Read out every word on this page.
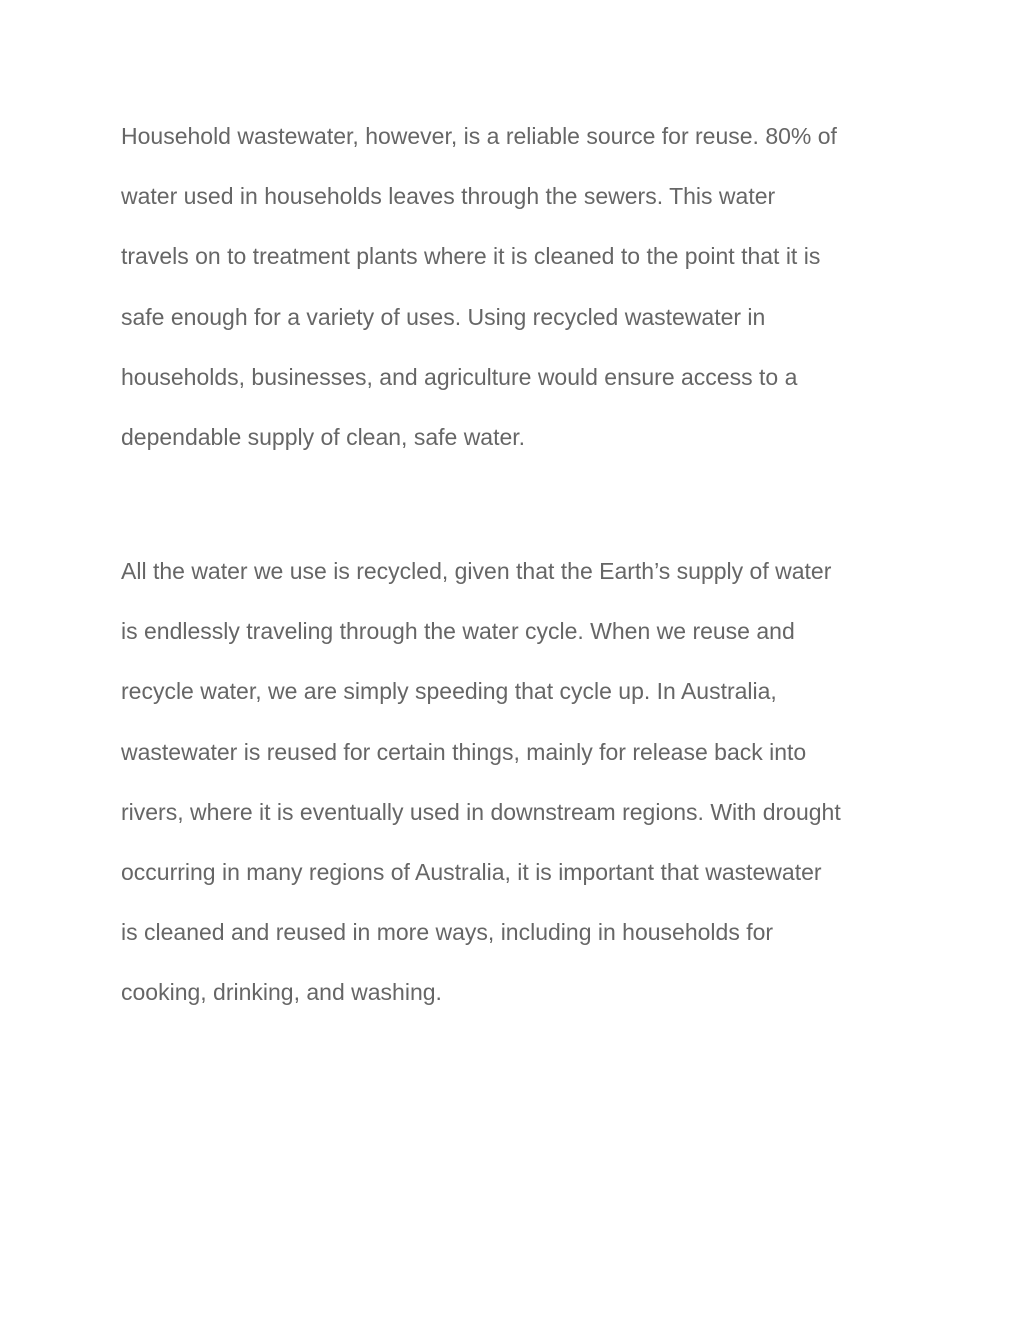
Household wastewater, however, is a reliable source for reuse. 80% of
water used in households leaves through the sewers. This water
travels on to treatment plants where it is cleaned to the point that it is
safe enough for a variety of uses. Using recycled wastewater in
households, businesses, and agriculture would ensure access to a
dependable supply of clean, safe water.
All the water we use is recycled, given that the Earth’s supply of water
is endlessly traveling through the water cycle. When we reuse and
recycle water, we are simply speeding that cycle up. In Australia,
wastewater is reused for certain things, mainly for release back into
rivers, where it is eventually used in downstream regions. With drought
occurring in many regions of Australia, it is important that wastewater
is cleaned and reused in more ways, including in households for
cooking, drinking, and washing.
